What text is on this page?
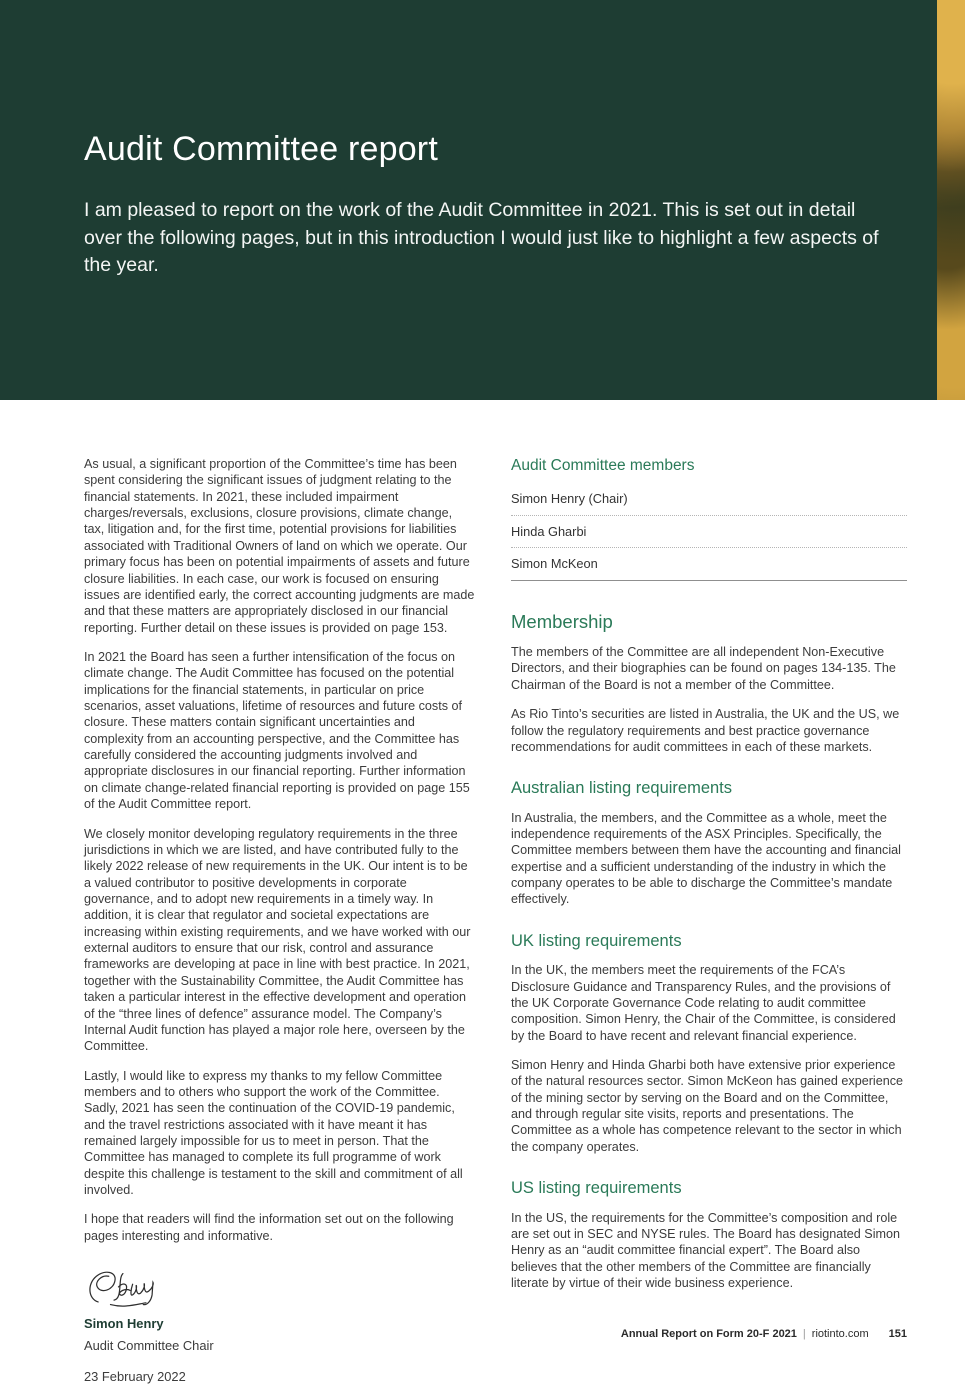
Audit Committee report

I am pleased to report on the work of the Audit Committee in 2021. This is set out in detail over the following pages, but in this introduction I would just like to highlight a few aspects of the year.

As usual, a significant proportion of the Committee’s time has been spent considering the significant issues of judgment relating to the financial statements. In 2021, these included impairment charges/reversals, exclusions, closure provisions, climate change, tax, litigation and, for the first time, potential provisions for liabilities associated with Traditional Owners of land on which we operate. Our primary focus has been on potential impairments of assets and future closure liabilities. In each case, our work is focused on ensuring issues are identified early, the correct accounting judgments are made and that these matters are appropriately disclosed in our financial reporting. Further detail on these issues is provided on page 153.

In 2021 the Board has seen a further intensification of the focus on climate change. The Audit Committee has focused on the potential implications for the financial statements, in particular on price scenarios, asset valuations, lifetime of resources and future costs of closure. These matters contain significant uncertainties and complexity from an accounting perspective, and the Committee has carefully considered the accounting judgments involved and appropriate disclosures in our financial reporting. Further information on climate change-related financial reporting is provided on page 155 of the Audit Committee report.

We closely monitor developing regulatory requirements in the three jurisdictions in which we are listed, and have contributed fully to the likely 2022 release of new requirements in the UK. Our intent is to be a valued contributor to positive developments in corporate governance, and to adopt new requirements in a timely way. In addition, it is clear that regulator and societal expectations are increasing within existing requirements, and we have worked with our external auditors to ensure that our risk, control and assurance frameworks are developing at pace in line with best practice. In 2021, together with the Sustainability Committee, the Audit Committee has taken a particular interest in the effective development and operation of the “three lines of defence” assurance model. The Company’s Internal Audit function has played a major role here, overseen by the Committee.

Lastly, I would like to express my thanks to my fellow Committee members and to others who support the work of the Committee. Sadly, 2021 has seen the continuation of the COVID-19 pandemic, and the travel restrictions associated with it have meant it has remained largely impossible for us to meet in person. That the Committee has managed to complete its full programme of work despite this challenge is testament to the skill and commitment of all involved.

I hope that readers will find the information set out on the following pages interesting and informative.

Simon Henry
Audit Committee Chair
23 February 2022
Audit Committee members
Simon Henry (Chair)
Hinda Gharbi
Simon McKeon
Membership

The members of the Committee are all independent Non-Executive Directors, and their biographies can be found on pages 134-135. The Chairman of the Board is not a member of the Committee.

As Rio Tinto’s securities are listed in Australia, the UK and the US, we follow the regulatory requirements and best practice governance recommendations for audit committees in each of these markets.

Australian listing requirements

In Australia, the members, and the Committee as a whole, meet the independence requirements of the ASX Principles. Specifically, the Committee members between them have the accounting and financial expertise and a sufficient understanding of the industry in which the company operates to be able to discharge the Committee’s mandate effectively.

UK listing requirements

In the UK, the members meet the requirements of the FCA’s Disclosure Guidance and Transparency Rules, and the provisions of the UK Corporate Governance Code relating to audit committee composition. Simon Henry, the Chair of the Committee, is considered by the Board to have recent and relevant financial experience.

Simon Henry and Hinda Gharbi both have extensive prior experience of the natural resources sector. Simon McKeon has gained experience of the mining sector by serving on the Board and on the Committee, and through regular site visits, reports and presentations. The Committee as a whole has competence relevant to the sector in which the company operates.

US listing requirements

In the US, the requirements for the Committee’s composition and role are set out in SEC and NYSE rules. The Board has designated Simon Henry as an “audit committee financial expert”. The Board also believes that the other members of the Committee are financially literate by virtue of their wide business experience.

Annual Report on Form 20-F 2021 | riotinto.com 151
